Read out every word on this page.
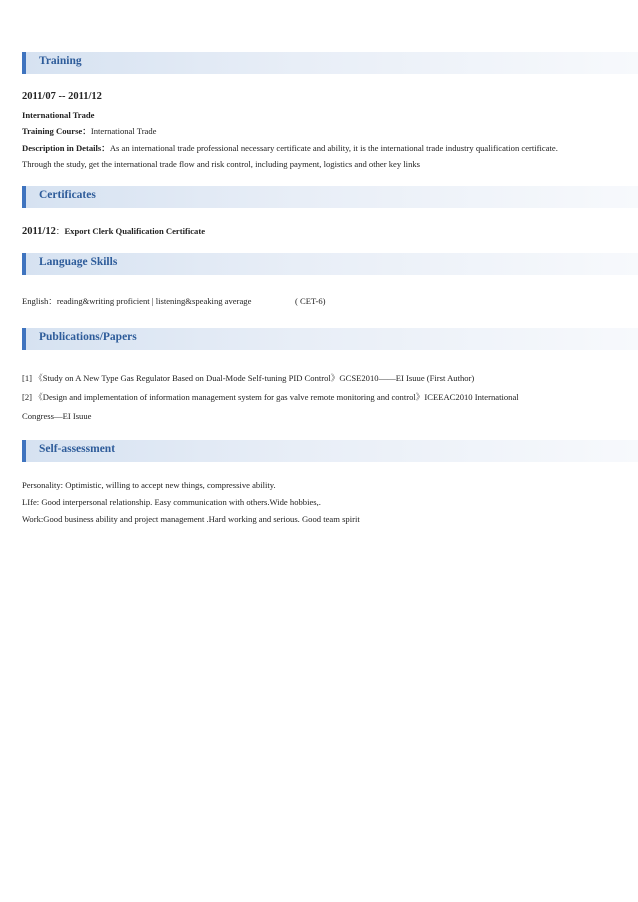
Training
2011/07 -- 2011/12
International Trade
Training Course：International Trade
Description in Details：As an international trade professional necessary certificate and ability, it is the international trade industry qualification certificate.
Through the study, get the international trade flow and risk control, including payment, logistics and other key links
Certificates
2011/12：Export Clerk Qualification Certificate
Language Skills
English：reading&writing proficient | listening&speaking average	( CET-6)
Publications/Papers
[1] 《Study on A New Type Gas Regulator Based on Dual-Mode Self-tuning PID Control》GCSE2010——EI Isuue (First Author)
[2] 《Design and implementation of information management system for gas valve remote monitoring and control》ICEEAC2010 International
Congress—EI Isuue
Self-assessment
Personality: Optimistic, willing to accept new things, compressive ability.
LIfe: Good interpersonal relationship. Easy communication with others.Wide hobbies,.
Work:Good business ability and project management .Hard working and serious. Good team spirit
